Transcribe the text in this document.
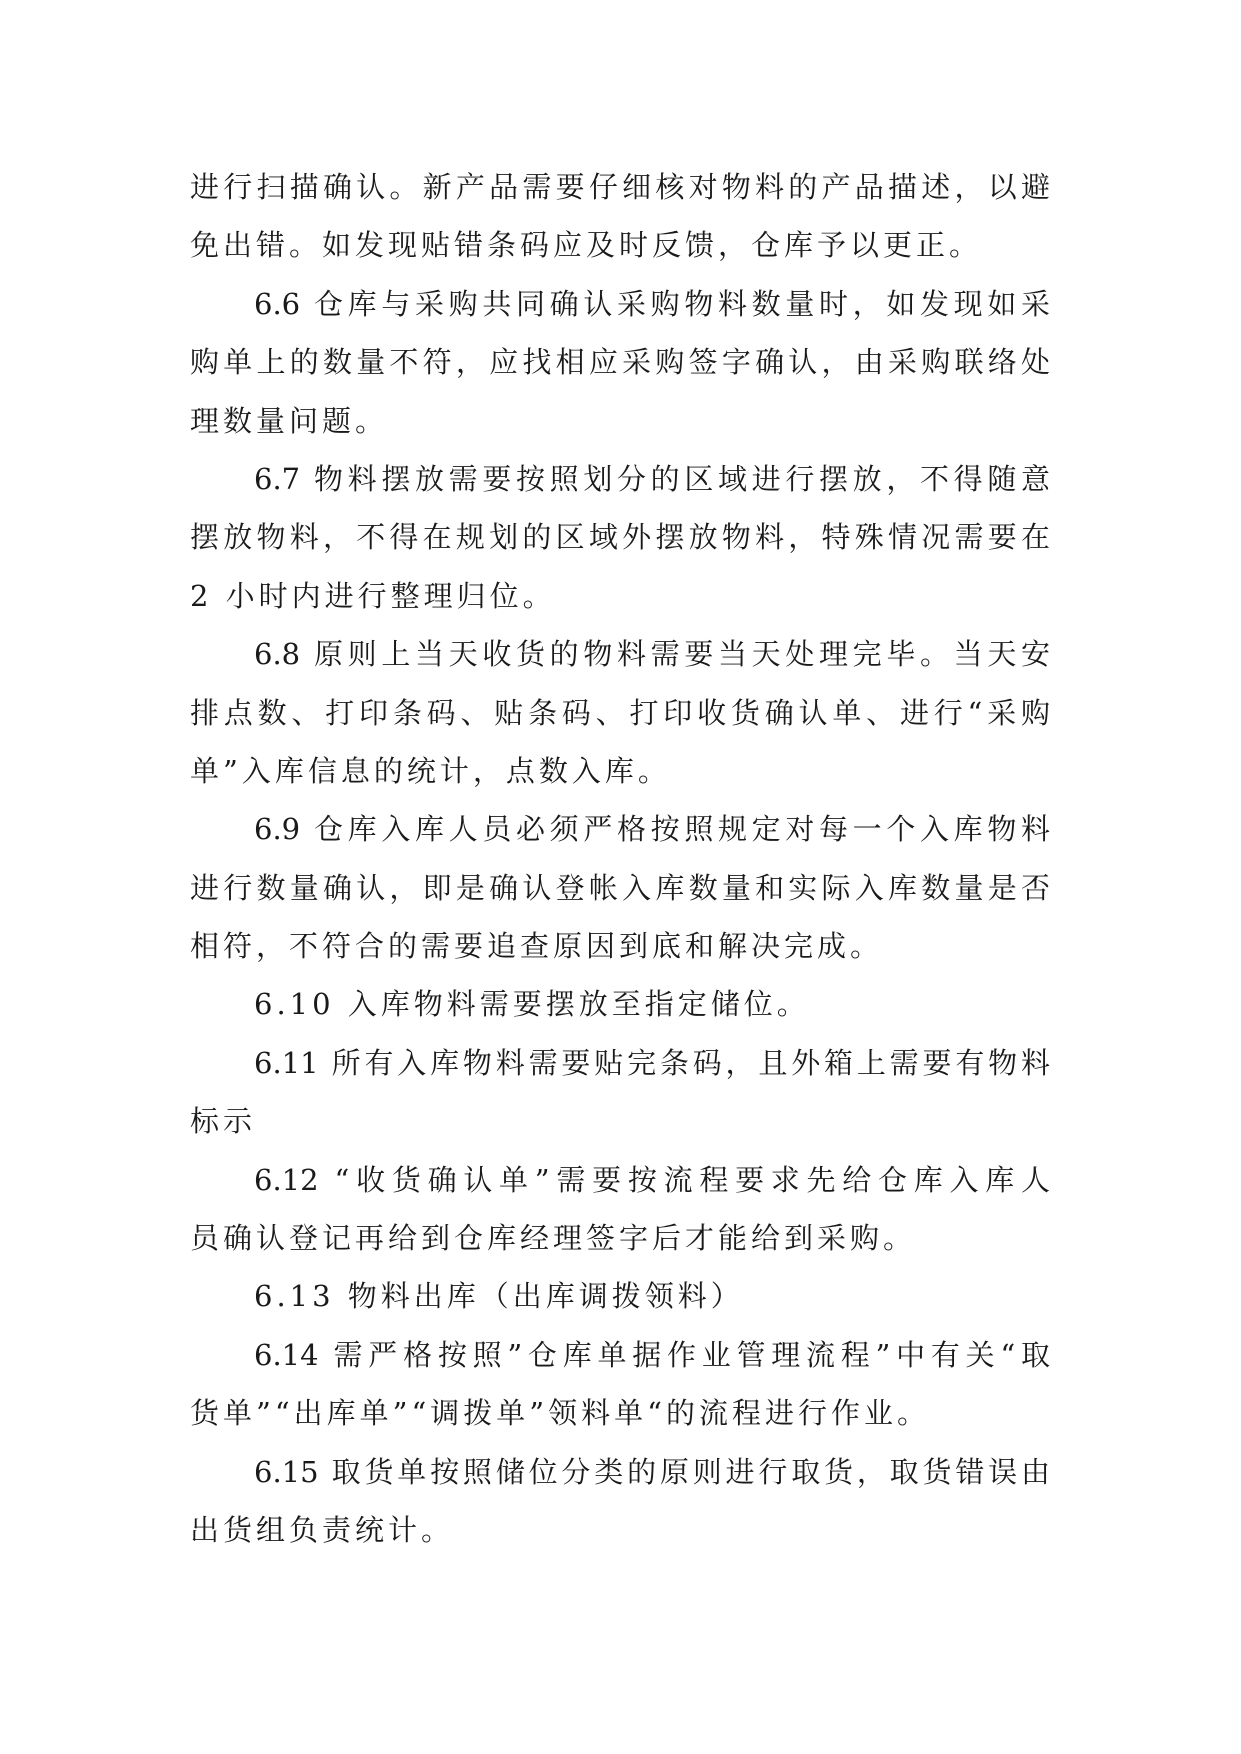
进行扫描确认。新产品需要仔细核对物料的产品描述，以避
免出错。如发现贴错条码应及时反馈，仓库予以更正。
6.6 仓库与采购共同确认采购物料数量时，如发现如采
购单上的数量不符，应找相应采购签字确认，由采购联络处
理数量问题。
6.7 物料摆放需要按照划分的区域进行摆放，不得随意
摆放物料，不得在规划的区域外摆放物料，特殊情况需要在
2 小时内进行整理归位。
6.8 原则上当天收货的物料需要当天处理完毕。当天安
排点数、打印条码、贴条码、打印收货确认单、进行“采购
单”入库信息的统计，点数入库。
6.9 仓库入库人员必须严格按照规定对每一个入库物料
进行数量确认，即是确认登帐入库数量和实际入库数量是否
相符，不符合的需要追查原因到底和解决完成。
6.10 入库物料需要摆放至指定储位。
6.11 所有入库物料需要贴完条码，且外箱上需要有物料
标示
6.12 “收货确认单”需要按流程要求先给仓库入库人
员确认登记再给到仓库经理签字后才能给到采购。
6.13 物料出库（出库调拨领料）
6.14 需严格按照”仓库单据作业管理流程”中有关“取
货单”“出库单”“调拨单”领料单“的流程进行作业。
6.15 取货单按照储位分类的原则进行取货，取货错误由
出货组负责统计。
